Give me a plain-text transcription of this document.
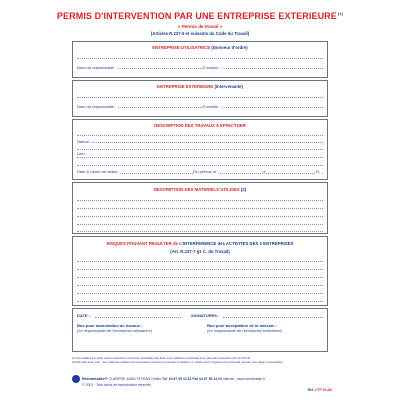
PERMIS D'INTERVENTION PAR UNE ENTREPRISE EXTERIEURE$^{(1)}$
« Permis de travail »
(Articles R.237-6 et suivants du Code du Travail)
ENTREPRISE UTILISATRICE (Donneur d'ordre)
Nom du responsable :	Fonction :
ENTREPRISE EXTERIEURE (Intervenante)
Nom du responsable :	Fonction :
DESCRIPTION DES TRAVAUX A EFFECTUER
Nature :
Lieu :
Date & heure de début :	Fin prévue le :	à	H.
DESCRIPTION DES MATERIELS UTILISES (2)
RISQUES POUVANT RESULTER de L'INTERFERENCE des ACTIVITES DES 2 ENTREPRISES
(Art. R.237-7 §1 C. du Travail)
DATE :	SIGNATURES :
Bon pour autorisation de travaux :
(Le responsable de l'entreprise utilisatrice)
Bon pour acceptation de la mission :
(Le responsable de l'entreprise extérieure)
(1) Formulaire à remplir après inspection commune préalable des lieux et en addition éventuelle à un plan de prévention (art. R.237-8).
(2) Remplir avec soin : les matériels utilisés par l'entreprise extérieure pouvant constituer un risque pour l'hygiène et la sécurité, ajouter une page si nécessaire.
Remarkable® CLAPIERS 34820 TEYRAN Cedex Tél. 04 67 55 12 81 Fax 04 67 59 24 04 Internet : www.remarkable.fr
© 2001 · Tous droits de reproduction réservés
Réf. CTF 51 AD
